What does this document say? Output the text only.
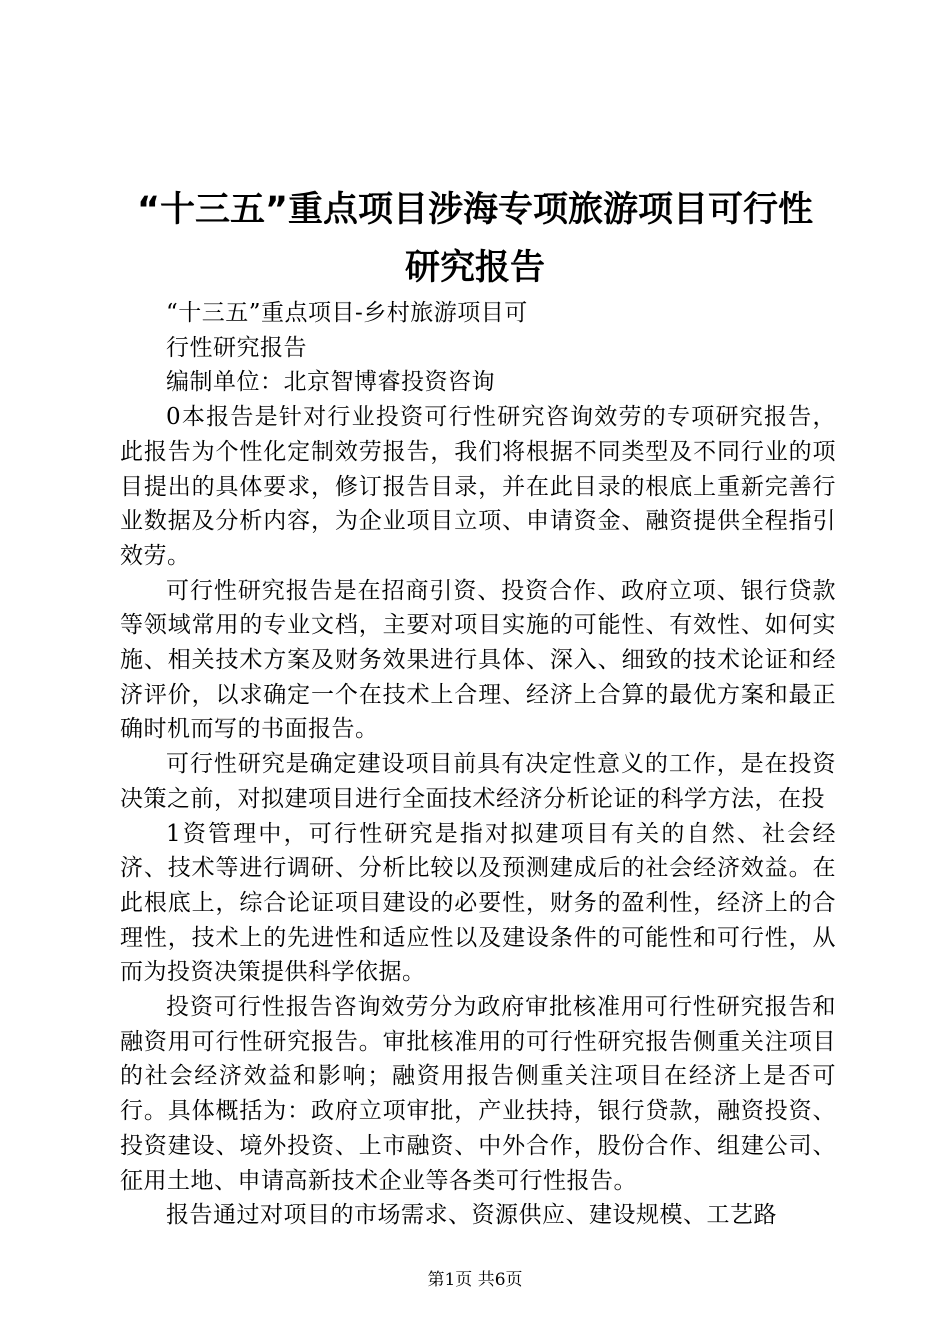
“十三五”重点项目涉海专项旅游项目可行性
研究报告

“十三五”重点项目-乡村旅游项目可

行性研究报告

编制单位：北京智博睿投资咨询

0本报告是针对行业投资可行性研究咨询效劳的专项研究报告，此报告为个性化定制效劳报告，我们将根据不同类型及不同行业的项目提出的具体要求，修订报告目录，并在此目录的根底上重新完善行业数据及分析内容，为企业项目立项、申请资金、融资提供全程指引效劳。

可行性研究报告是在招商引资、投资合作、政府立项、银行贷款等领域常用的专业文档，主要对项目实施的可能性、有效性、如何实施、相关技术方案及财务效果进行具体、深入、细致的技术论证和经济评价，以求确定一个在技术上合理、经济上合算的最优方案和最正确时机而写的书面报告。

可行性研究是确定建设项目前具有决定性意义的工作，是在投资决策之前，对拟建项目进行全面技术经济分析论证的科学方法，在投

1资管理中，可行性研究是指对拟建项目有关的自然、社会经济、技术等进行调研、分析比较以及预测建成后的社会经济效益。在此根底上，综合论证项目建设的必要性，财务的盈利性，经济上的合理性，技术上的先进性和适应性以及建设条件的可能性和可行性，从而为投资决策提供科学依据。

投资可行性报告咨询效劳分为政府审批核准用可行性研究报告和融资用可行性研究报告。审批核准用的可行性研究报告侧重关注项目的社会经济效益和影响；融资用报告侧重关注项目在经济上是否可行。具体概括为：政府立项审批，产业扶持，银行贷款，融资投资、投资建设、境外投资、上市融资、中外合作，股份合作、组建公司、征用土地、申请高新技术企业等各类可行性报告。

报告通过对项目的市场需求、资源供应、建设规模、工艺路

第1页 共6页
